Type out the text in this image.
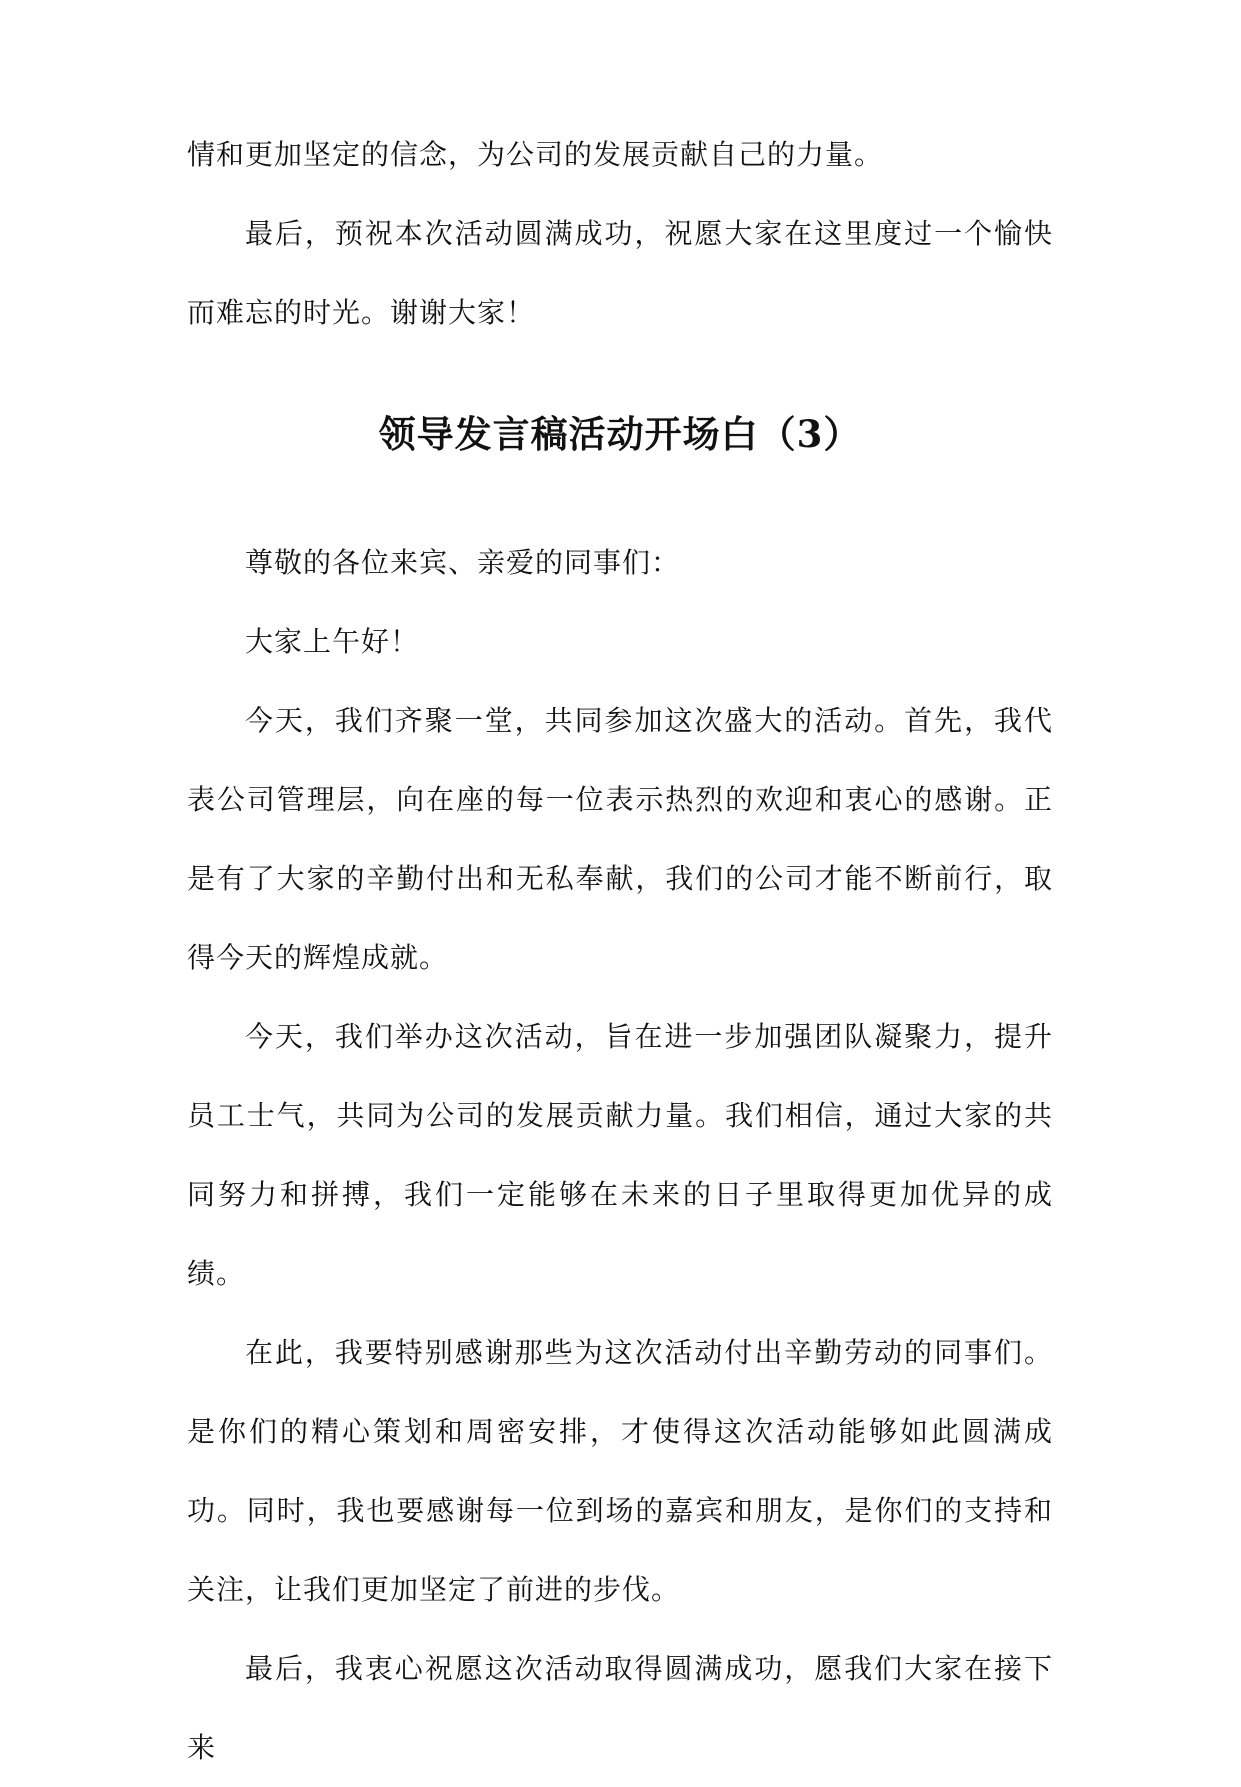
情和更加坚定的信念，为公司的发展贡献自己的力量。

最后，预祝本次活动圆满成功，祝愿大家在这里度过一个愉快而难忘的时光。谢谢大家！

领导发言稿活动开场白（3）

尊敬的各位来宾、亲爱的同事们：

大家上午好！

今天，我们齐聚一堂，共同参加这次盛大的活动。首先，我代表公司管理层，向在座的每一位表示热烈的欢迎和衷心的感谢。正是有了大家的辛勤付出和无私奉献，我们的公司才能不断前行，取得今天的辉煌成就。

今天，我们举办这次活动，旨在进一步加强团队凝聚力，提升员工士气，共同为公司的发展贡献力量。我们相信，通过大家的共同努力和拼搏，我们一定能够在未来的日子里取得更加优异的成绩。

在此，我要特别感谢那些为这次活动付出辛勤劳动的同事们。是你们的精心策划和周密安排，才使得这次活动能够如此圆满成功。同时，我也要感谢每一位到场的嘉宾和朋友，是你们的支持和关注，让我们更加坚定了前进的步伐。

最后，我衷心祝愿这次活动取得圆满成功，愿我们大家在接下来
